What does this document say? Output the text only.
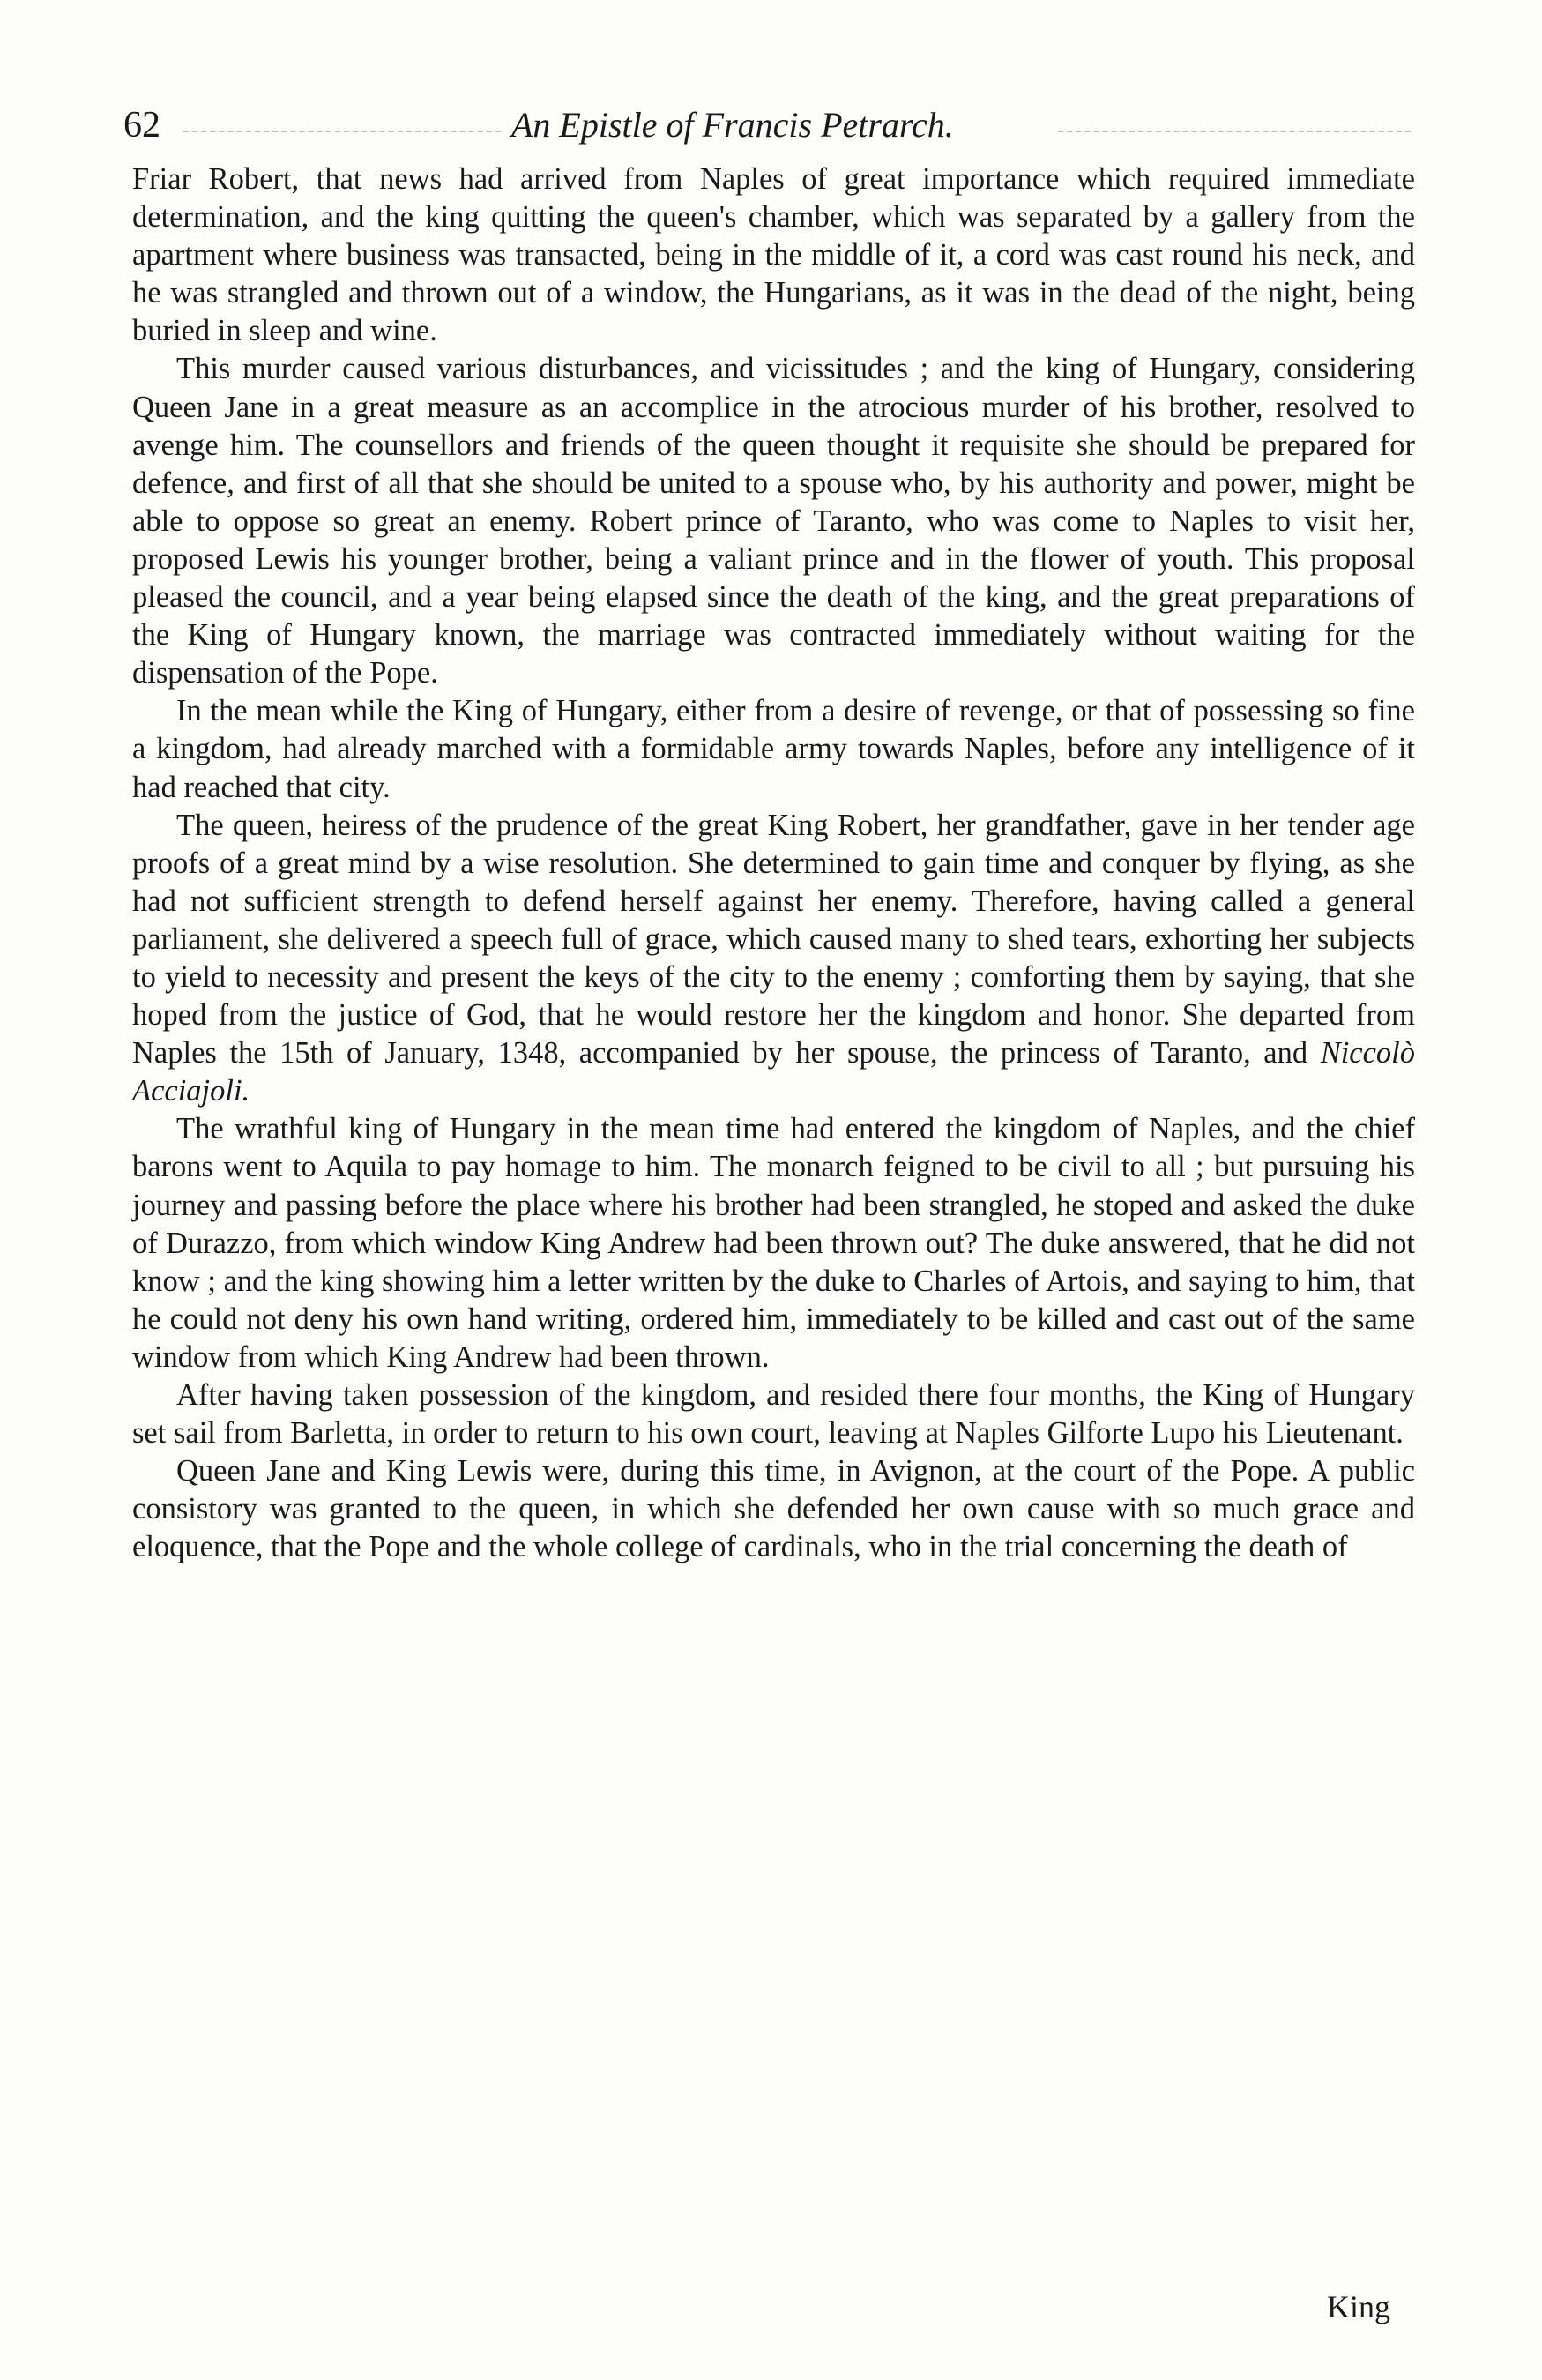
62	An Epistle of Francis Petrarch.

Friar Robert, that news had arrived from Naples of great importance which required immediate determination, and the king quitting the queen's chamber, which was separated by a gallery from the apartment where business was transacted, being in the middle of it, a cord was cast round his neck, and he was strangled and thrown out of a window, the Hungarians, as it was in the dead of the night, being buried in sleep and wine.

This murder caused various disturbances, and vicissitudes ; and the king of Hungary, considering Queen Jane in a great measure as an accomplice in the atrocious murder of his brother, resolved to avenge him. The counsellors and friends of the queen thought it requisite she should be prepared for defence, and first of all that she should be united to a spouse who, by his authority and power, might be able to oppose so great an enemy. Robert prince of Taranto, who was come to Naples to visit her, proposed Lewis his younger brother, being a valiant prince and in the flower of youth. This proposal pleased the council, and a year being elapsed since the death of the king, and the great preparations of the King of Hungary known, the marriage was contracted immediately without waiting for the dispensation of the Pope.

In the mean while the King of Hungary, either from a desire of revenge, or that of possessing so fine a kingdom, had already marched with a formidable army towards Naples, before any intelligence of it had reached that city.

The queen, heiress of the prudence of the great King Robert, her grandfather, gave in her tender age proofs of a great mind by a wise resolution. She determined to gain time and conquer by flying, as she had not sufficient strength to defend herself against her enemy. Therefore, having called a general parliament, she delivered a speech full of grace, which caused many to shed tears, exhorting her subjects to yield to necessity and present the keys of the city to the enemy ; comforting them by saying, that she hoped from the justice of God, that he would restore her the kingdom and honor. She departed from Naples the 15th of January, 1348, accompanied by her spouse, the princess of Taranto, and Niccolò Acciajoli.

The wrathful king of Hungary in the mean time had entered the kingdom of Naples, and the chief barons went to Aquila to pay homage to him. The monarch feigned to be civil to all ; but pursuing his journey and passing before the place where his brother had been strangled, he stoped and asked the duke of Durazzo, from which window King Andrew had been thrown out? The duke answered, that he did not know ; and the king showing him a letter written by the duke to Charles of Artois, and saying to him, that he could not deny his own hand writing, ordered him, immediately to be killed and cast out of the same window from which King Andrew had been thrown.

After having taken possession of the kingdom, and resided there four months, the King of Hungary set sail from Barletta, in order to return to his own court, leaving at Naples Gilforte Lupo his Lieutenant.

Queen Jane and King Lewis were, during this time, in Avignon, at the court of the Pope. A public consistory was granted to the queen, in which she defended her own cause with so much grace and eloquence, that the Pope and the whole college of cardinals, who in the trial concerning the death of

King
